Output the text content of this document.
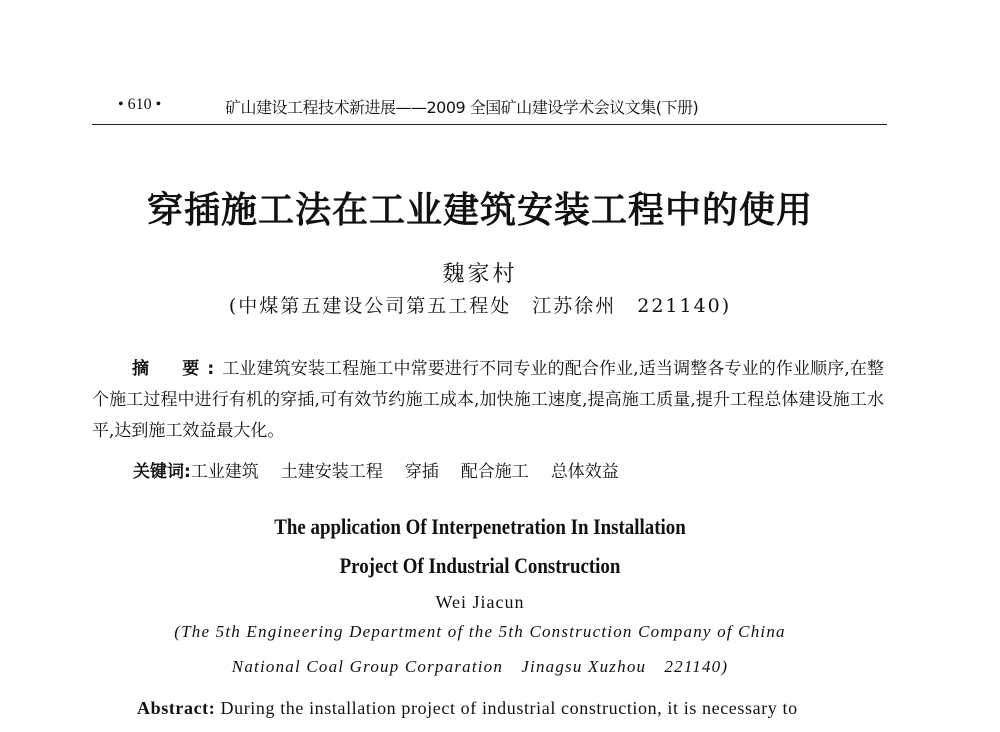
• 610 •	矿山建设工程技术新进展——2009 全国矿山建设学术会议文集(下册)
穿插施工法在工业建筑安装工程中的使用
魏家村
(中煤第五建设公司第五工程处　江苏徐州　221140)
摘　要:工业建筑安装工程施工中常要进行不同专业的配合作业,适当调整各专业的作业顺序,在整个施工过程中进行有机的穿插,可有效节约施工成本,加快施工速度,提高施工质量,提升工程总体建设施工水平,达到施工效益最大化。
关键词:工业建筑 土建安装工程 穿插 配合施工 总体效益
The application Of Interpenetration In Installation
Project Of Industrial Construction
Wei Jiacun
(The 5th Engineering Department of the 5th Construction Company of China
National Coal Group Corparation　Jinagsu Xuzhou　221140)
Abstract: During the installation project of industrial construction, it is necessary to
